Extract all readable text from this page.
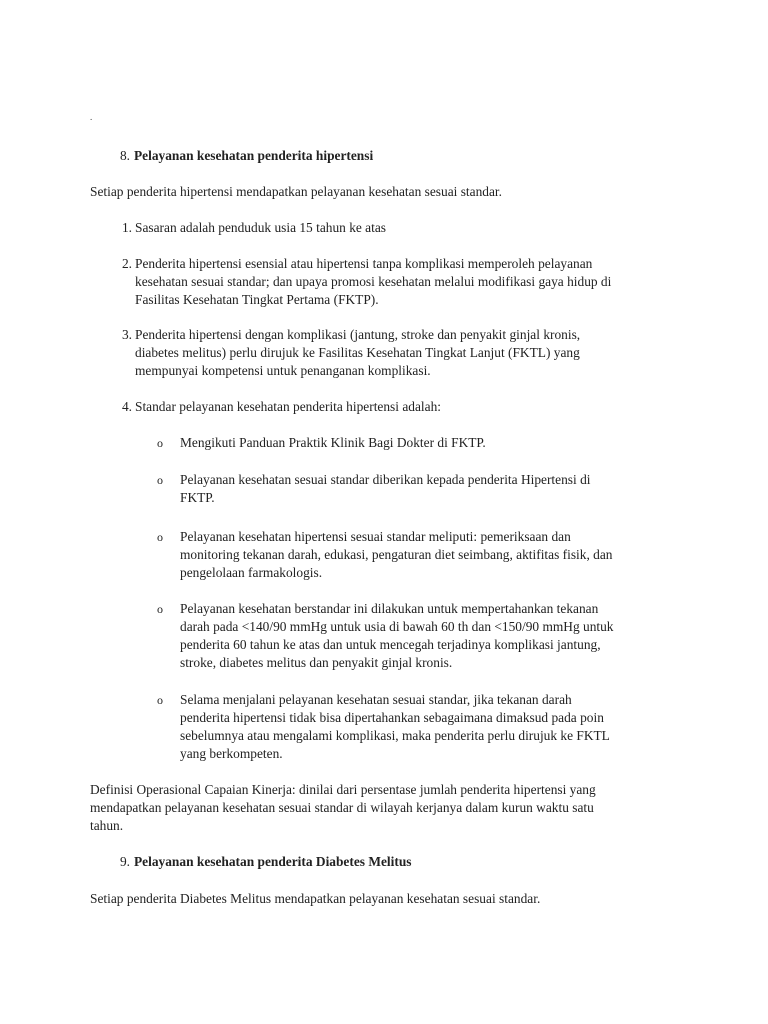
.
8. Pelayanan kesehatan penderita hipertensi
Setiap penderita hipertensi mendapatkan pelayanan kesehatan sesuai standar.
1. Sasaran adalah penduduk usia 15 tahun ke atas
2. Penderita hipertensi esensial atau hipertensi tanpa komplikasi memperoleh pelayanan
kesehatan sesuai standar; dan upaya promosi kesehatan melalui modifikasi gaya hidup di
Fasilitas Kesehatan Tingkat Pertama (FKTP).
3. Penderita hipertensi dengan komplikasi (jantung, stroke dan penyakit ginjal kronis,
diabetes melitus) perlu dirujuk ke Fasilitas Kesehatan Tingkat Lanjut (FKTL) yang
mempunyai kompetensi untuk penanganan komplikasi.
4. Standar pelayanan kesehatan penderita hipertensi adalah:
o	Mengikuti Panduan Praktik Klinik Bagi Dokter di FKTP.
o	Pelayanan kesehatan sesuai standar diberikan kepada penderita Hipertensi di
FKTP.
o	Pelayanan kesehatan hipertensi sesuai standar meliputi: pemeriksaan dan
monitoring tekanan darah, edukasi, pengaturan diet seimbang, aktifitas fisik, dan
pengelolaan farmakologis.
o	Pelayanan kesehatan berstandar ini dilakukan untuk mempertahankan tekanan
darah pada <140/90 mmHg untuk usia di bawah 60 th dan <150/90 mmHg untuk
penderita 60 tahun ke atas dan untuk mencegah terjadinya komplikasi jantung,
stroke, diabetes melitus dan penyakit ginjal kronis.
o	Selama menjalani pelayanan kesehatan sesuai standar, jika tekanan darah
penderita hipertensi tidak bisa dipertahankan sebagaimana dimaksud pada poin
sebelumnya atau mengalami komplikasi, maka penderita perlu dirujuk ke FKTL
yang berkompeten.
Definisi Operasional Capaian Kinerja: dinilai dari persentase jumlah penderita hipertensi yang
mendapatkan pelayanan kesehatan sesuai standar di wilayah kerjanya dalam kurun waktu satu
tahun.
9. Pelayanan kesehatan penderita Diabetes Melitus
Setiap penderita Diabetes Melitus mendapatkan pelayanan kesehatan sesuai standar.
